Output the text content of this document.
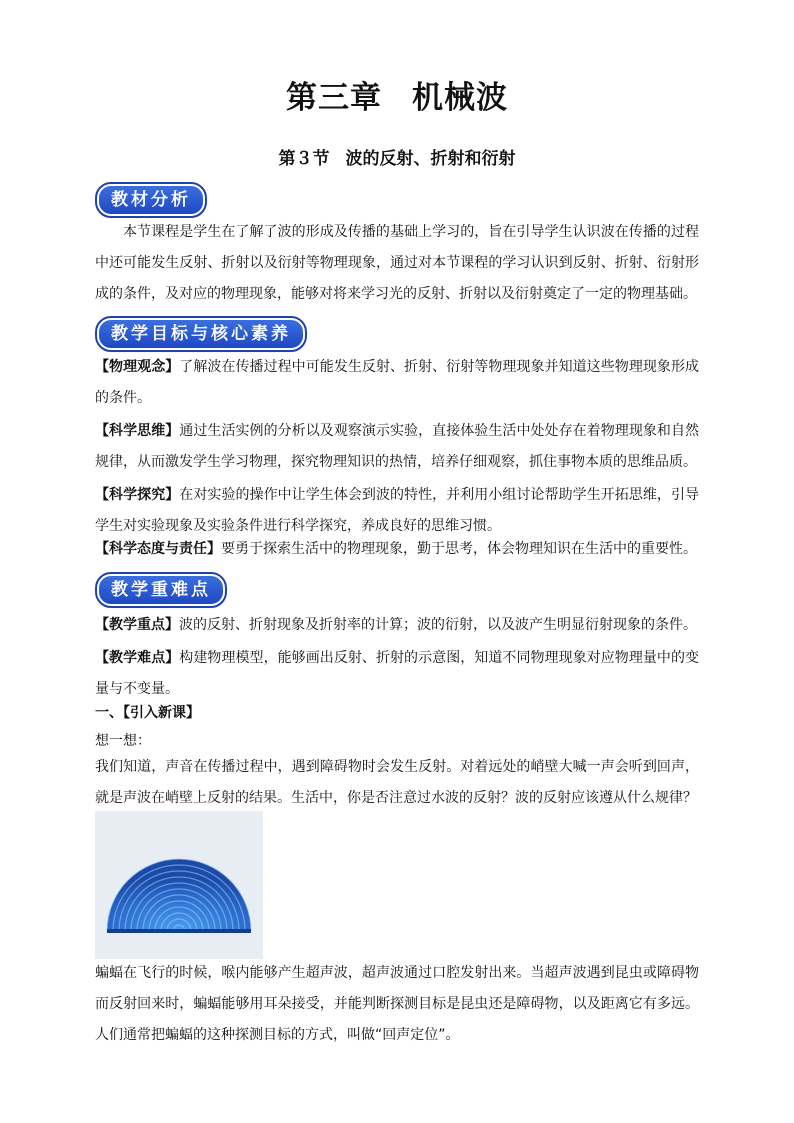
第三章 机械波
第３节 波的反射、折射和衍射
教材分析

本节课程是学生在了解了波的形成及传播的基础上学习的，旨在引导学生认识波在传播的过程中还可能发生反射、折射以及衍射等物理现象，通过对本节课程的学习认识到反射、折射、衍射形成的条件，及对应的物理现象，能够对将来学习光的反射、折射以及衍射奠定了一定的物理基础。

教学目标与核心素养

【物理观念】了解波在传播过程中可能发生反射、折射、衍射等物理现象并知道这些物理现象形成的条件。

【科学思维】通过生活实例的分析以及观察演示实验，直接体验生活中处处存在着物理现象和自然规律，从而激发学生学习物理，探究物理知识的热情，培养仔细观察，抓住事物本质的思维品质。

【科学探究】在对实验的操作中让学生体会到波的特性，并利用小组讨论帮助学生开拓思维，引导学生对实验现象及实验条件进行科学探究，养成良好的思维习惯。

【科学态度与责任】要勇于探索生活中的物理现象，勤于思考，体会物理知识在生活中的重要性。

教学重难点

【教学重点】波的反射、折射现象及折射率的计算；波的衍射，以及波产生明显衍射现象的条件。

【教学难点】构建物理模型，能够画出反射、折射的示意图，知道不同物理现象对应物理量中的变量与不变量。

一、【引入新课】

想一想：

我们知道，声音在传播过程中，遇到障碍物时会发生反射。对着远处的峭壁大喊一声会听到回声，就是声波在峭壁上反射的结果。生活中，你是否注意过水波的反射？波的反射应该遵从什么规律？

蝙蝠在飞行的时候，喉内能够产生超声波，超声波通过口腔发射出来。当超声波遇到昆虫或障碍物而反射回来时，蝙蝠能够用耳朵接受，并能判断探测目标是昆虫还是障碍物，以及距离它有多远。人们通常把蝙蝠的这种探测目标的方式，叫做“回声定位”。
